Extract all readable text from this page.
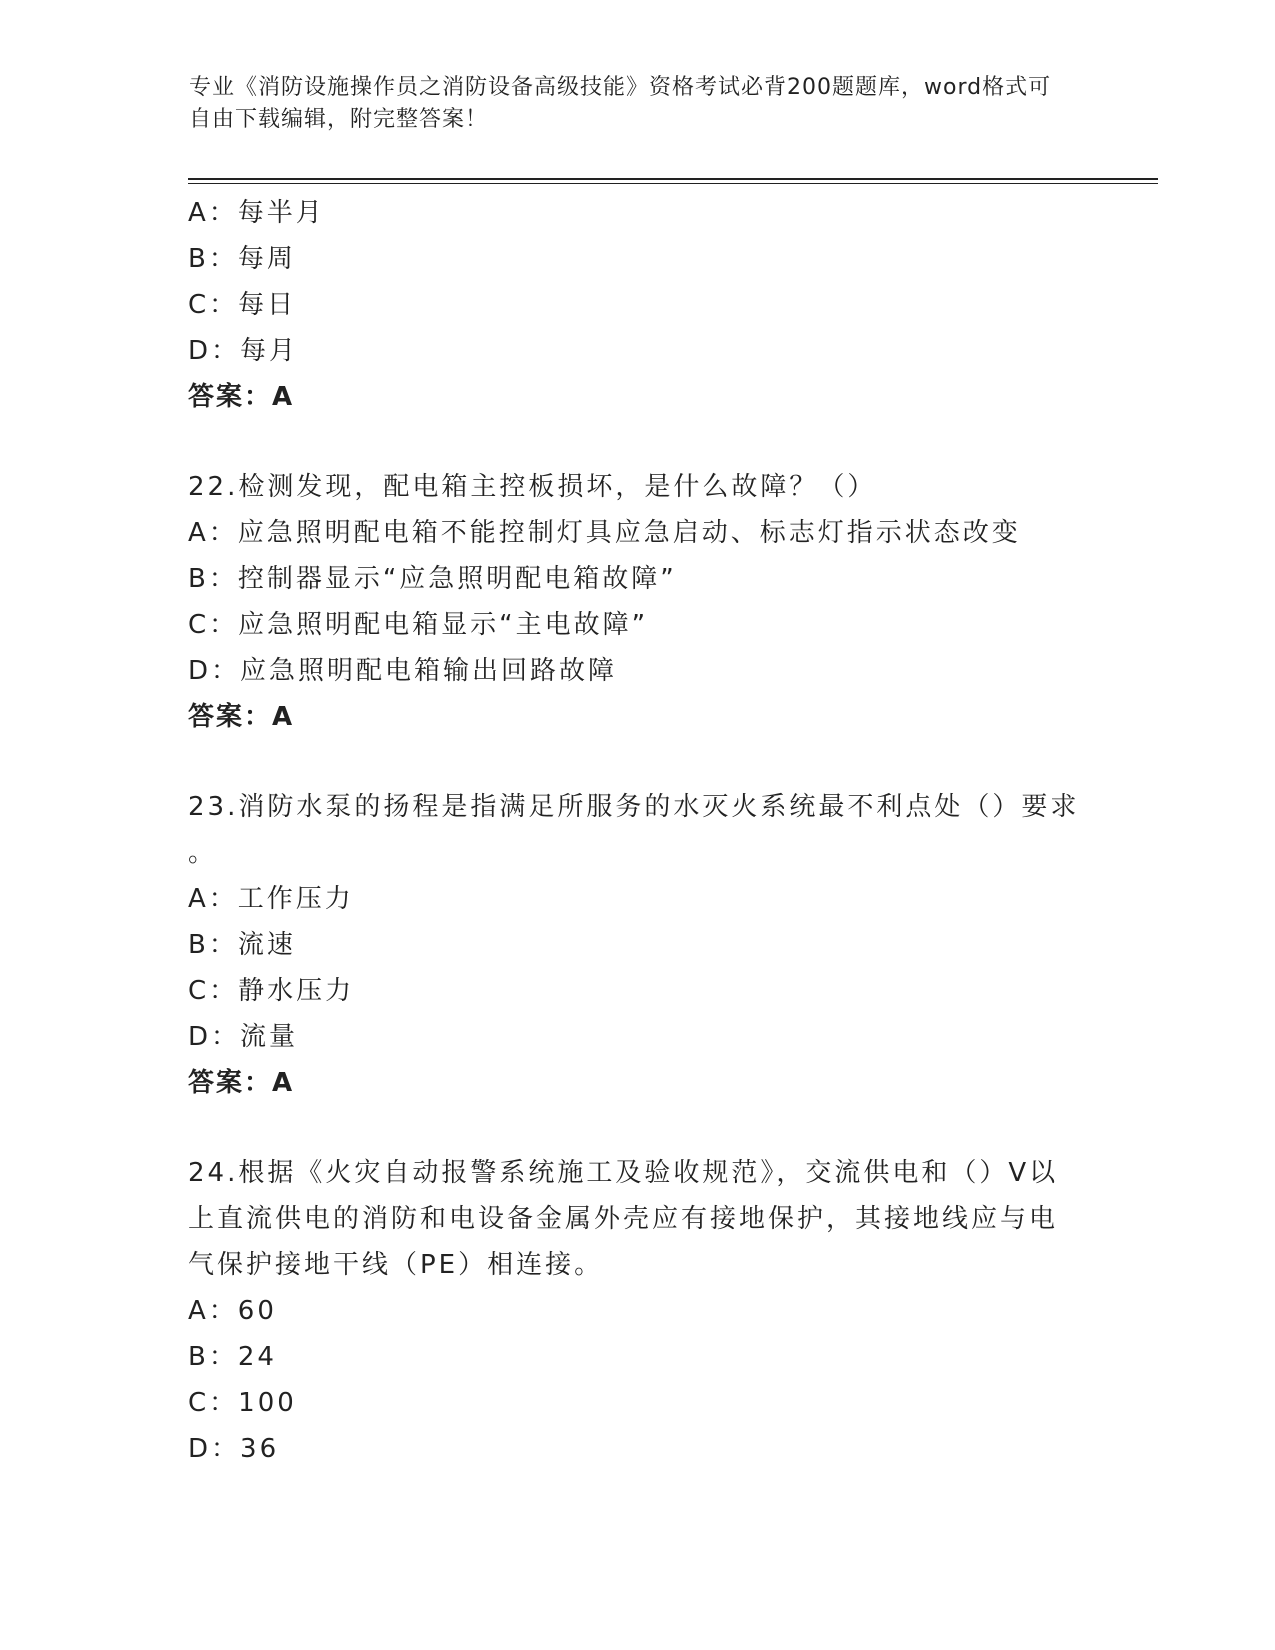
专业《消防设施操作员之消防设备高级技能》资格考试必背200题题库，word格式可自由下载编辑，附完整答案！
A：每半月
B：每周
C：每日
D：每月
答案：A
22.检测发现，配电箱主控板损坏，是什么故障？（）
A：应急照明配电箱不能控制灯具应急启动、标志灯指示状态改变
B：控制器显示“应急照明配电箱故障”
C：应急照明配电箱显示“主电故障”
D：应急照明配电箱输出回路故障
答案：A
23.消防水泵的扬程是指满足所服务的水灭火系统最不利点处（）要求
。
A：工作压力
B：流速
C：静水压力
D：流量
答案：A
24.根据《火灾自动报警系统施工及验收规范》，交流供电和（）V以
上直流供电的消防和电设备金属外壳应有接地保护，其接地线应与电
气保护接地干线（PE）相连接。
A：60
B：24
C：100
D：36
